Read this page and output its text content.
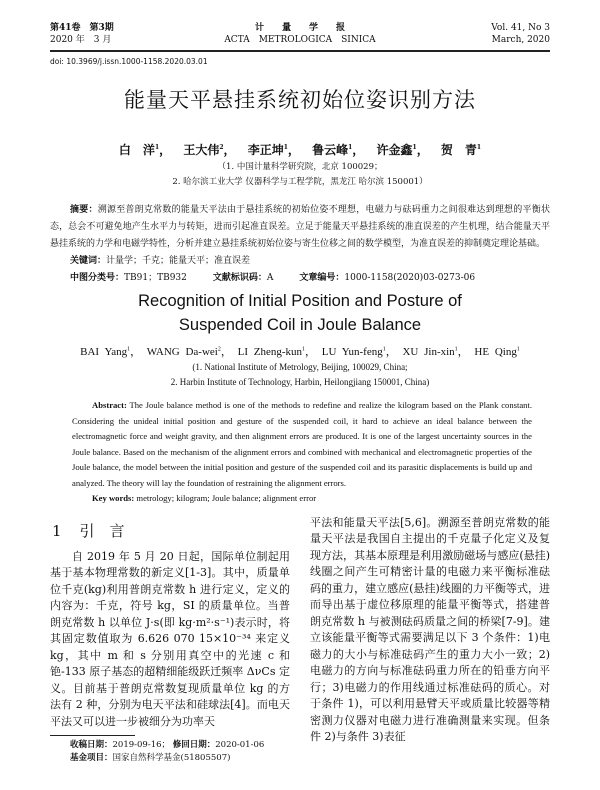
第41卷　第3期
2020 年　3 月
计　　量　　学　　报
ACTA　METROLOGICA　SINICA
Vol. 41, No 3
March, 2020
doi: 10.3969/j.issn.1000-1158.2020.03.01
能量天平悬挂系统初始位姿识别方法
白　洋$^1$， 王大伟$^2$， 李正坤$^1$， 鲁云峰$^1$， 许金鑫$^1$， 贺　青$^1$
（1. 中国计量科学研究院，北京 100029；
2. 哈尔滨工业大学 仪器科学与工程学院，黑龙江 哈尔滨 150001）
摘要：溯源至普朗克常数的能量天平法由于悬挂系统的初始位姿不理想，电磁力与砝码重力之间很难达到理想的平衡状态，总会不可避免地产生水平力与转矩，进而引起准直误差。立足于能量天平悬挂系统的准直误差的产生机理，结合能量天平悬挂系统的力学和电磁学特性，分析并建立悬挂系统初始位姿与寄生位移之间的数学模型，为准直误差的抑制奠定理论基础。
关键词：计量学；千克；能量天平；准直误差
中图分类号：TB91；TB932	文献标识码：A	文章编号：1000-1158(2020)03-0273-06
Recognition of Initial Position and Posture of
Suspended Coil in Joule Balance
BAI Yang$^1$， WANG Da-wei$^2$， LI Zheng-kun$^1$， LU Yun-feng$^1$， XU Jin-xin$^1$， HE Qing$^1$
(1. National Institute of Metrology, Beijing, 100029, China;
2. Harbin Institute of Technology, Harbin, Heilongjiang 150001, China)
Abstract: The Joule balance method is one of the methods to redefine and realize the kilogram based on the Plank constant. Considering the unideal initial position and gesture of the suspended coil, it hard to achieve an ideal balance between the electromagnetic force and weight gravity, and then alignment errors are produced. It is one of the largest uncertainty sources in the Joule balance. Based on the mechanism of the alignment errors and combined with mechanical and electromagnetic properties of the Joule balance, the model between the initial position and gesture of the suspended coil and its parasitic displacements is build up and analyzed. The theory will lay the foundation of restraining the alignment errors.
Key words: metrology; kilogram; Joule balance; alignment error
1 引　言
自 2019 年 5 月 20 日起，国际单位制起用基于基本物理常数的新定义[1-3]。其中，质量单位千克(kg)利用普朗克常数 h 进行定义，定义的内容为：千克，符号 kg，SI 的质量单位。当普朗克常数 h 以单位 J·s(即 kg·m²·s⁻¹)表示时，将其固定数值取为 6.626 070 15×10⁻³⁴ 来定义 kg，其中 m 和 s 分别用真空中的光速 c 和铯-133 原子基态的超精细能级跃迁频率 ΔνCs 定义。目前基于普朗克常数复现质量单位 kg 的方法有 2 种，分别为电天平法和硅球法[4]。而电天平法又可以进一步被细分为功率天
收稿日期：2019-09-16； 修回日期：2020-01-06
基金项目：国家自然科学基金(51805507)
平法和能量天平法[5,6]。溯源至普朗克常数的能量天平法是我国自主提出的千克量子化定义及复现方法，其基本原理是利用激励磁场与感应(悬挂)线圈之间产生可精密计量的电磁力来平衡标准砝码的重力，建立感应(悬挂)线圈的力平衡等式，进而导出基于虚位移原理的能量平衡等式，搭建普朗克常数 h 与被测砝码质量之间的桥梁[7-9]。建立该能量平衡等式需要满足以下 3 个条件：1)电磁力的大小与标准砝码产生的重力大小一致；2)电磁力的方向与标准砝码重力所在的铅垂方向平行；3)电磁力的作用线通过标准砝码的质心。对于条件 1)，可以利用悬臂天平或质量比较器等精密测力仪器对电磁力进行准确测量来实现。但条件 2)与条件 3)表征
